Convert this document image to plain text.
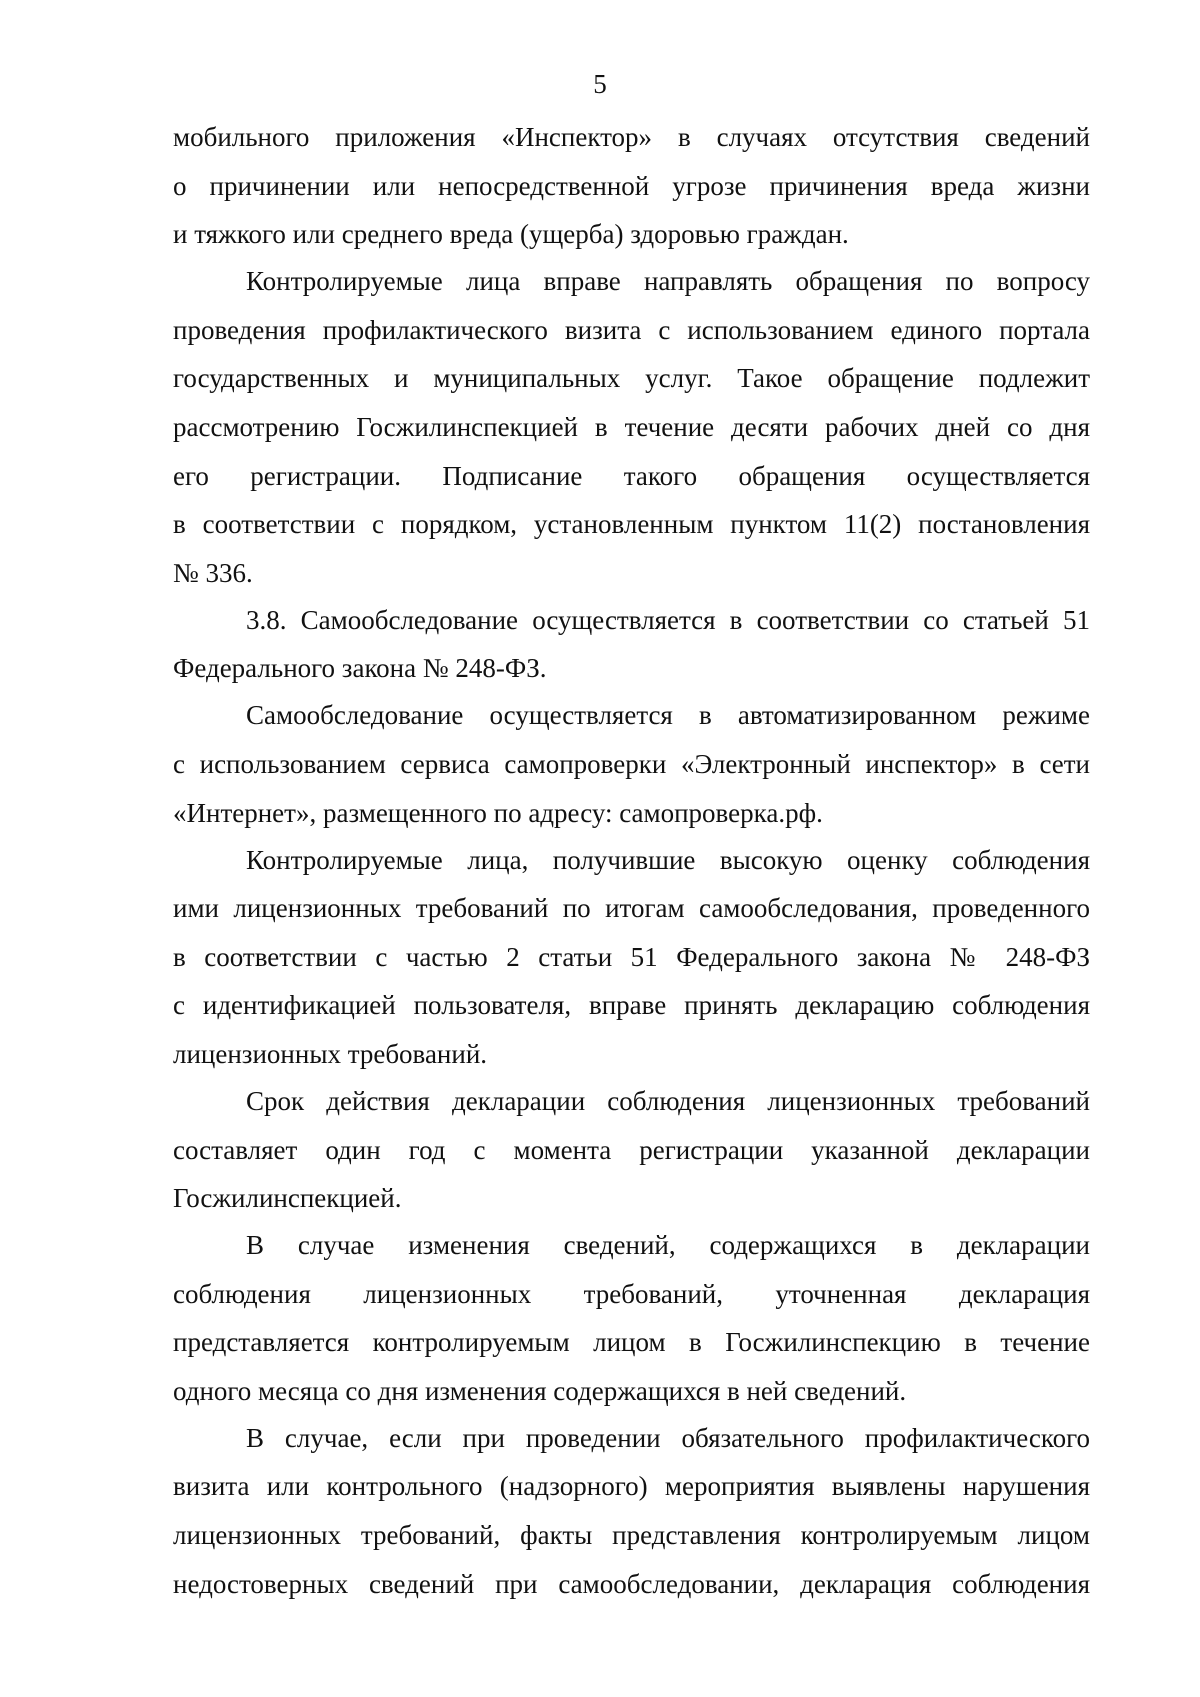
5

мобильного приложения «Инспектор» в случаях отсутствия сведений
о причинении или непосредственной угрозе причинения вреда жизни
и тяжкого или среднего вреда (ущерба) здоровью граждан.

Контролируемые лица вправе направлять обращения по вопросу
проведения профилактического визита с использованием единого портала
государственных и муниципальных услуг. Такое обращение подлежит
рассмотрению Госжилинспекцией в течение десяти рабочих дней со дня
его регистрации. Подписание такого обращения осуществляется
в соответствии с порядком, установленным пунктом 11(2) постановления
№ 336.

3.8. Самообследование осуществляется в соответствии со статьей 51
Федерального закона № 248-ФЗ.

Самообследование осуществляется в автоматизированном режиме
с использованием сервиса самопроверки «Электронный инспектор» в сети
«Интернет», размещенного по адресу: самопроверка.рф.

Контролируемые лица, получившие высокую оценку соблюдения
ими лицензионных требований по итогам самообследования, проведенного
в соответствии с частью 2 статьи 51 Федерального закона № 248-ФЗ
с идентификацией пользователя, вправе принять декларацию соблюдения
лицензионных требований.

Срок действия декларации соблюдения лицензионных требований
составляет один год с момента регистрации указанной декларации
Госжилинспекцией.

В случае изменения сведений, содержащихся в декларации
соблюдения лицензионных требований, уточненная декларация
представляется контролируемым лицом в Госжилинспекцию в течение
одного месяца со дня изменения содержащихся в ней сведений.

В случае, если при проведении обязательного профилактического
визита или контрольного (надзорного) мероприятия выявлены нарушения
лицензионных требований, факты представления контролируемым лицом
недостоверных сведений при самообследовании, декларация соблюдения
